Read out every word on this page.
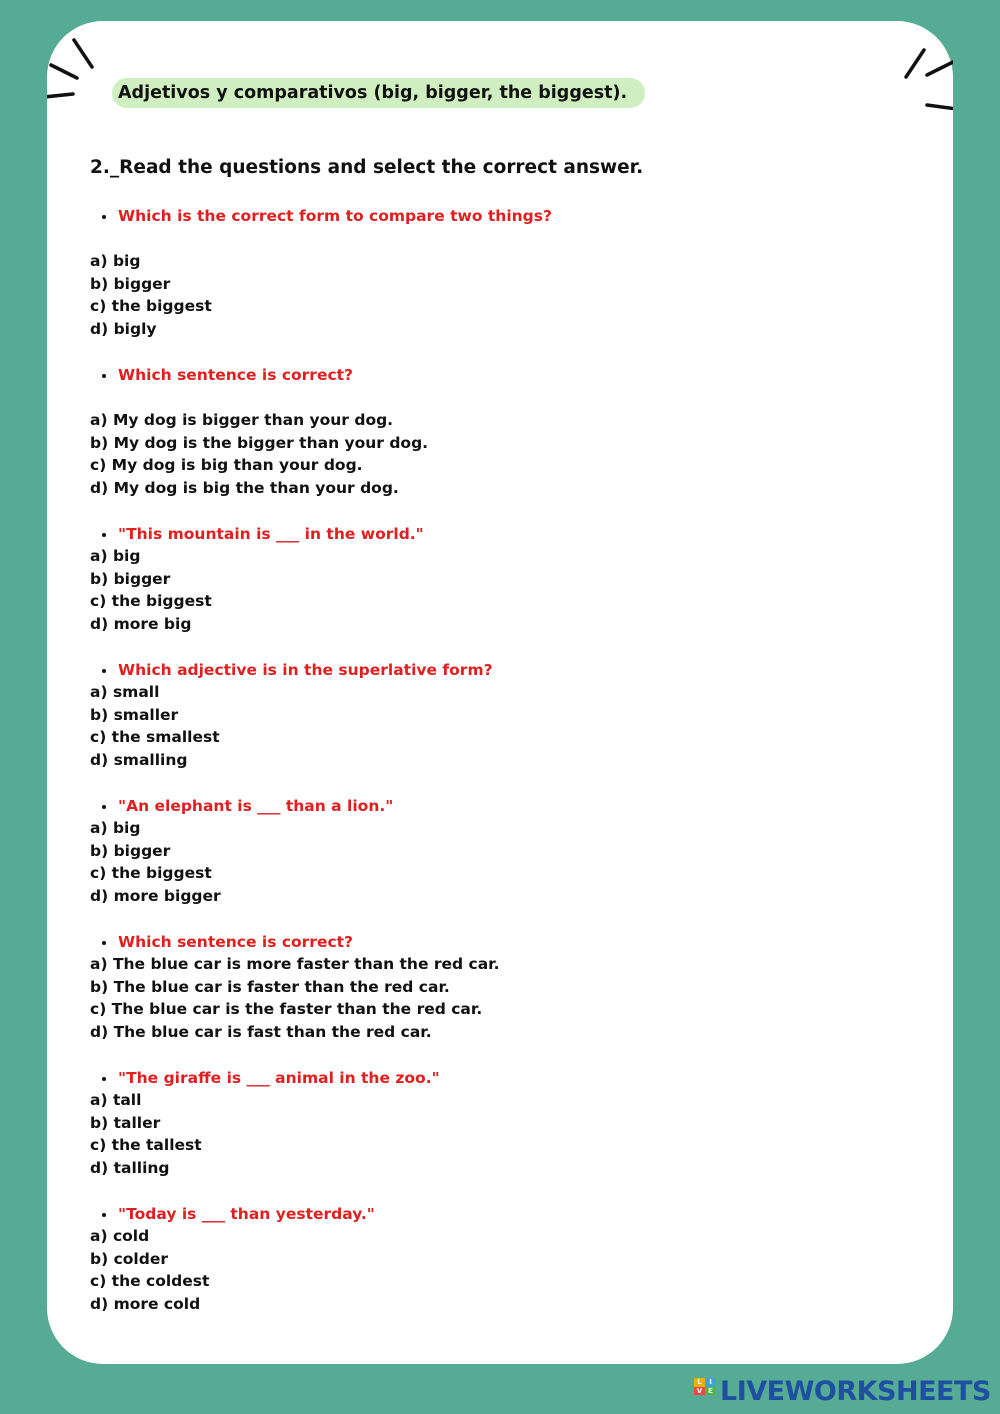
Adjetivos y comparativos (big, bigger, the biggest).
2._Read the questions and select the correct answer.
Which is the correct form to compare two things?
a) big
b) bigger
c) the biggest
d) bigly
Which sentence is correct?
a) My dog is bigger than your dog.
b) My dog is the bigger than your dog.
c) My dog is big than your dog.
d) My dog is big the than your dog.
"This mountain is ___ in the world."
a) big
b) bigger
c) the biggest
d) more big
Which adjective is in the superlative form?
a) small
b) smaller
c) the smallest
d) smalling
"An elephant is ___ than a lion."
a) big
b) bigger
c) the biggest
d) more bigger
Which sentence is correct?
a) The blue car is more faster than the red car.
b) The blue car is faster than the red car.
c) The blue car is the faster than the red car.
d) The blue car is fast than the red car.
"The giraffe is ___ animal in the zoo."
a) tall
b) taller
c) the tallest
d) talling
"Today is ___ than yesterday."
a) cold
b) colder
c) the coldest
d) more cold
L	I
V E LIVEWORKSHEETS
